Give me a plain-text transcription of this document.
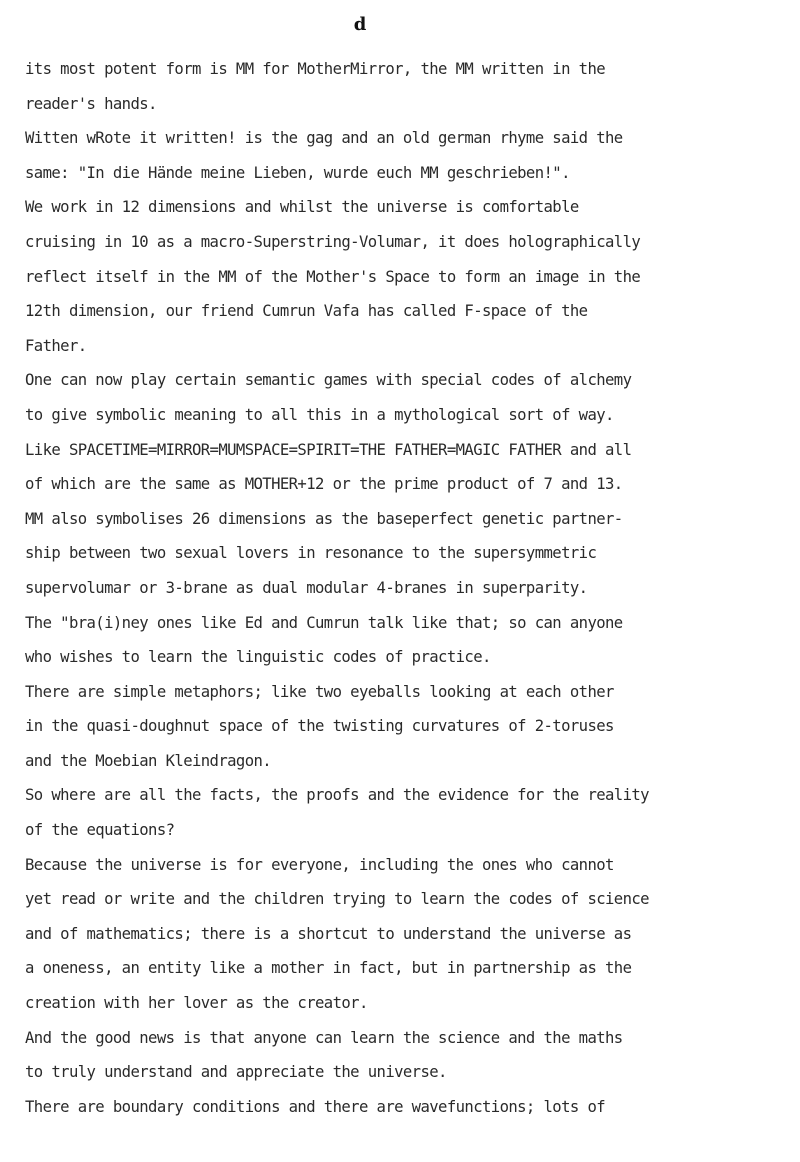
d
its most potent form is MM for MotherMirror, the MM written in the
reader's hands.
Witten wRote it written! is the gag and an old german rhyme said the
same: "In die Hände meine Lieben, wurde euch MM geschrieben!".
We work in 12 dimensions and whilst the universe is comfortable
cruising in 10 as a macro-Superstring-Volumar, it does holographically
reflect itself in the MM of the Mother's Space to form an image in the
12th dimension, our friend Cumrun Vafa has called F-space of the
Father.
One can now play certain semantic games with special codes of alchemy
to give symbolic meaning to all this in a mythological sort of way.
Like SPACETIME=MIRROR=MUMSPACE=SPIRIT=THE FATHER=MAGIC FATHER and all
of which are the same as MOTHER+12 or the prime product of 7 and 13.
MM also symbolises 26 dimensions as the baseperfect genetic partner-
ship between two sexual lovers in resonance to the supersymmetric
supervolumar or 3-brane as dual modular 4-branes in superparity.
The "bra(i)ney ones like Ed and Cumrun talk like that; so can anyone
who wishes to learn the linguistic codes of practice.
There are simple metaphors; like two eyeballs looking at each other
in the quasi-doughnut space of the twisting curvatures of 2-toruses
and the Moebian Kleindragon.
So where are all the facts, the proofs and the evidence for the reality
of the equations?
Because the universe is for everyone, including the ones who cannot
yet read or write and the children trying to learn the codes of science
and of mathematics; there is a shortcut to understand the universe as
a oneness, an entity like a mother in fact, but in partnership as the
creation with her lover as the creator.
And the good news is that anyone can learn the science and the maths
to truly understand and appreciate the universe.
There are boundary conditions and there are wavefunctions; lots of
